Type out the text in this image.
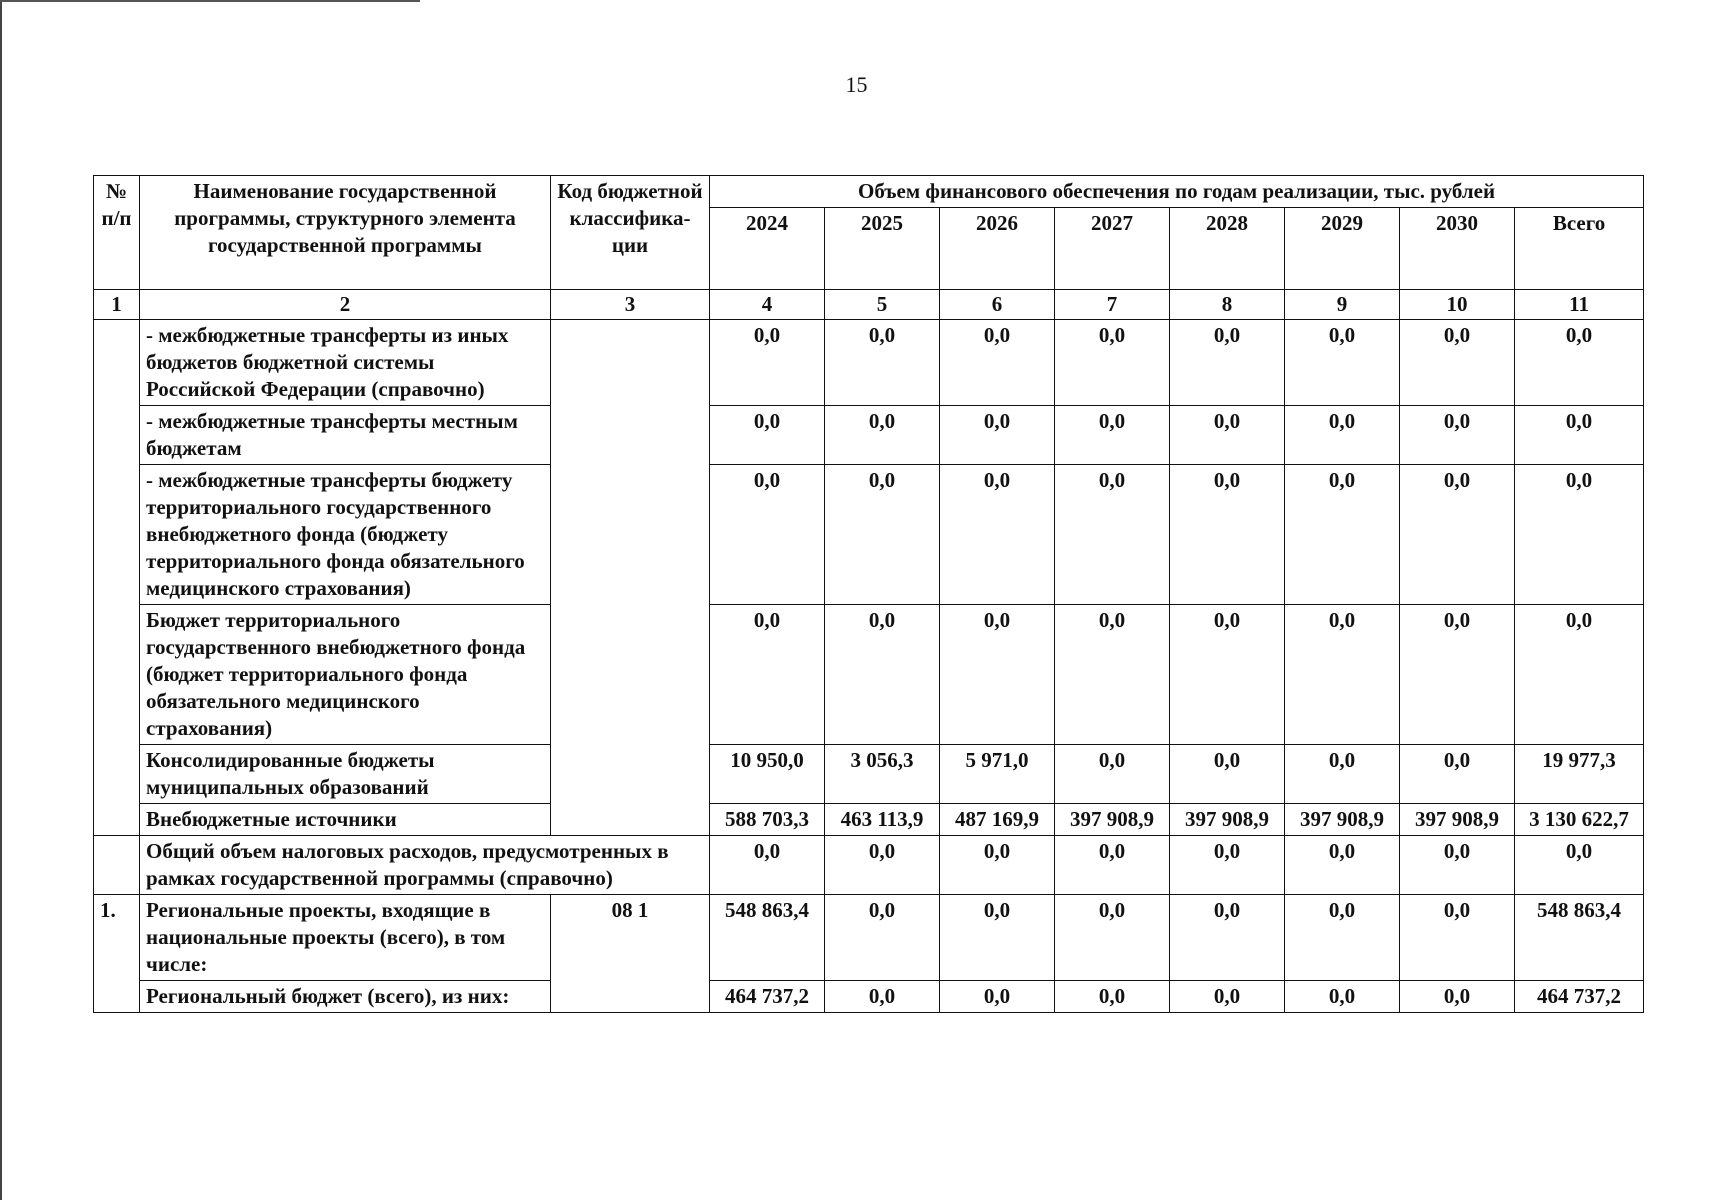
15
№ п/п	Наименование государственной программы, структурного элемента государственной программы	Код бюджетной классифика-ции	Объем финансового обеспечения по годам реализации, тыс. рублей							
			2024	2025	2026	2027	2028	2029	2030	Всего
1	2	3	4	5	6	7	8	9	10	11
	- межбюджетные трансферты из иных бюджетов бюджетной системы Российской Федерации (справочно)		0,0	0,0	0,0	0,0	0,0	0,0	0,0	0,0
	- межбюджетные трансферты местным бюджетам		0,0	0,0	0,0	0,0	0,0	0,0	0,0	0,0
	- межбюджетные трансферты бюджету территориального государственного внебюджетного фонда (бюджету территориального фонда обязательного медицинского страхования)		0,0	0,0	0,0	0,0	0,0	0,0	0,0	0,0
	Бюджет территориального государственного внебюджетного фонда (бюджет территориального фонда обязательного медицинского страхования)		0,0	0,0	0,0	0,0	0,0	0,0	0,0	0,0
	Консолидированные бюджеты муниципальных образований		10 950,0	3 056,3	5 971,0	0,0	0,0	0,0	0,0	19 977,3
	Внебюджетные источники		588 703,3	463 113,9	487 169,9	397 908,9	397 908,9	397 908,9	397 908,9	3 130 622,7
	Общий объем налоговых расходов, предусмотренных в рамках государственной программы (справочно)		0,0	0,0	0,0	0,0	0,0	0,0	0,0	0,0
1.	Региональные проекты, входящие в национальные проекты (всего), в том числе:	08 1	548 863,4	0,0	0,0	0,0	0,0	0,0	0,0	548 863,4
	Региональный бюджет (всего), из них:		464 737,2	0,0	0,0	0,0	0,0	0,0	0,0	464 737,2
